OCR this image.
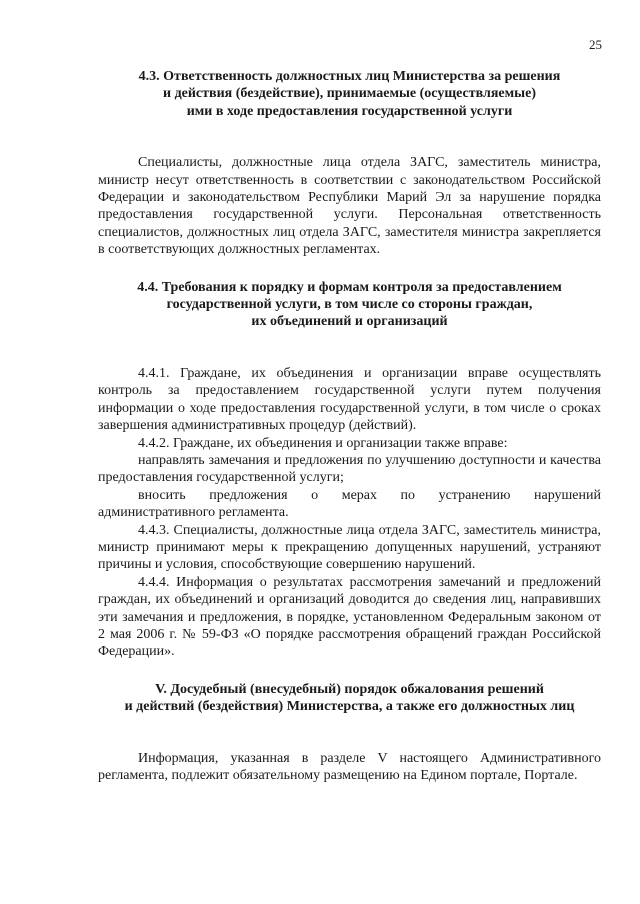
25
4.3. Ответственность должностных лиц Министерства за решения
и действия (бездействие), принимаемые (осуществляемые)
ими в ходе предоставления государственной услуги

Специалисты, должностные лица отдела ЗАГС, заместитель министра, министр несут ответственность в соответствии с законодательством Российской Федерации и законодательством Республики Марий Эл за нарушение порядка предоставления государственной услуги. Персональная ответственность специалистов, должностных лиц отдела ЗАГС, заместителя министра закрепляется в соответствующих должностных регламентах.

4.4. Требования к порядку и формам контроля за предоставлением
государственной услуги, в том числе со стороны граждан,
их объединений и организаций

4.4.1. Граждане, их объединения и организации вправе осуществлять контроль за предоставлением государственной услуги путем получения информации о ходе предоставления государственной услуги, в том числе о сроках завершения административных процедур (действий).

4.4.2. Граждане, их объединения и организации также вправе:

направлять замечания и предложения по улучшению доступности и качества предоставления государственной услуги;

вносить предложения о мерах по устранению нарушений административного регламента.

4.4.3. Специалисты, должностные лица отдела ЗАГС, заместитель министра, министр принимают меры к прекращению допущенных нарушений, устраняют причины и условия, способствующие совершению нарушений.

4.4.4. Информация о результатах рассмотрения замечаний и предложений граждан, их объединений и организаций доводится до сведения лиц, направивших эти замечания и предложения, в порядке, установленном Федеральным законом от 2 мая 2006 г. № 59-ФЗ «О порядке рассмотрения обращений граждан Российской Федерации».

V. Досудебный (внесудебный) порядок обжалования решений
и действий (бездействия) Министерства, а также его должностных лиц

Информация, указанная в разделе V настоящего Административного регламента, подлежит обязательному размещению на Едином портале, Портале.
